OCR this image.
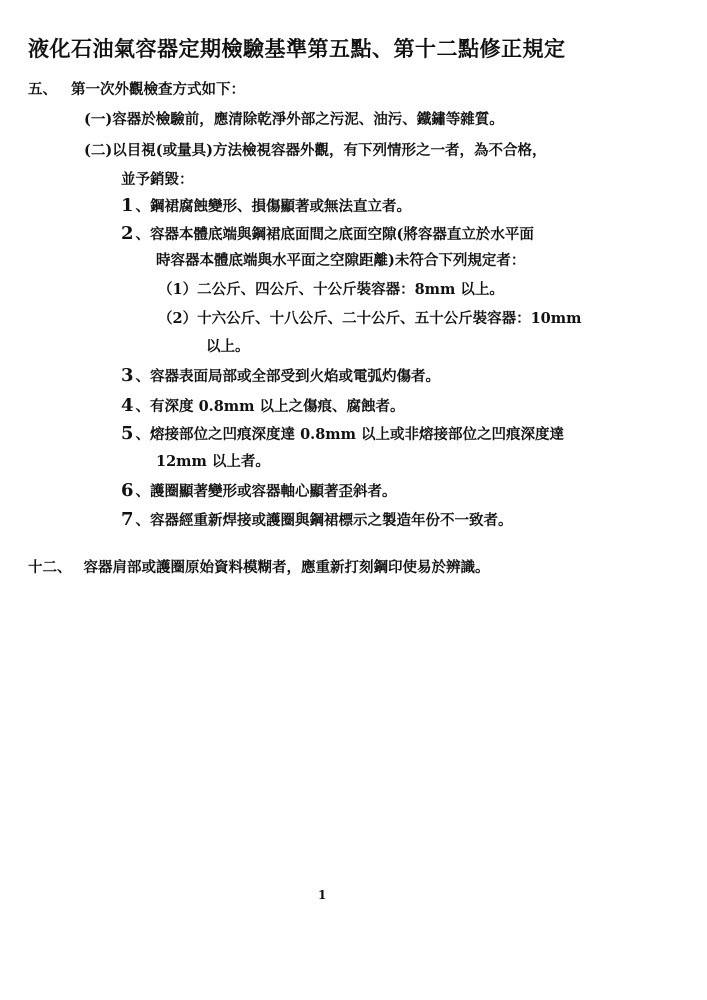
液化石油氣容器定期檢驗基準第五點、第十二點修正規定
五、 第一次外觀檢查方式如下：
(一)容器於檢驗前，應清除乾淨外部之污泥、油污、鐵鏽等雜質。
(二)以目視(或量具)方法檢視容器外觀，有下列情形之一者，為不合格，
並予銷毀：
1 、鋼裙腐蝕變形、損傷顯著或無法直立者。
2 、容器本體底端與鋼裙底面間之底面空隙(將容器直立於水平面
時容器本體底端與水平面之空隙距離)未符合下列規定者：
（1）二公斤、四公斤、十公斤裝容器：8mm 以上。
（2）十六公斤、十八公斤、二十公斤、五十公斤裝容器：10mm
以上。
3 、容器表面局部或全部受到火焰或電弧灼傷者。
4 、有深度 0.8mm 以上之傷痕、腐蝕者。
5 、熔接部位之凹痕深度達 0.8mm 以上或非熔接部位之凹痕深度達
12mm 以上者。
6 、護圈顯著變形或容器軸心顯著歪斜者。
7 、容器經重新焊接或護圈與鋼裙標示之製造年份不一致者。
十二、 容器肩部或護圈原始資料模糊者，應重新打刻鋼印使易於辨識。
1
